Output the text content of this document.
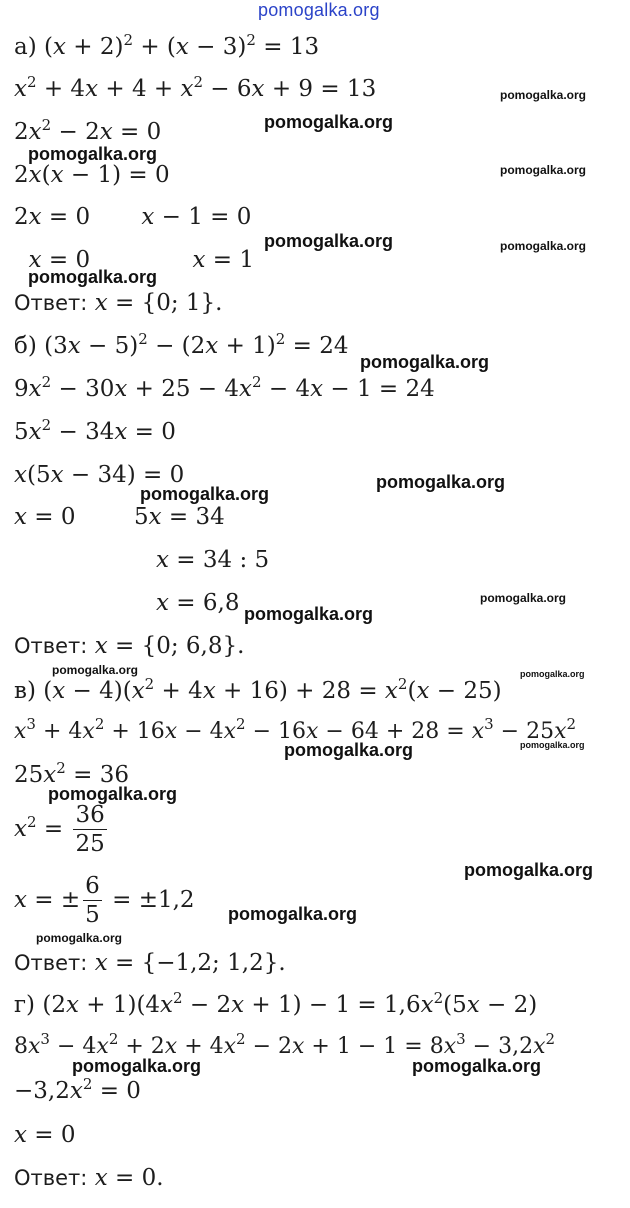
pomogalka.org
а) $(x + 2)^2 + (x - 3)^2 = 13$
$x^2 + 4x + 4 + x^2 - 6x + 9 = 13$
$2x^2 - 2x = 0$
2x(x − 1) = 0
2x = 0       x − 1 = 0
x = 0              x = 1
Ответ: x = {0; 1}.
б) $(3x - 5)^2 - (2x + 1)^2 = 24$
$9x^2 - 30x + 25 - 4x^2 - 4x - 1 = 24$
$5x^2 - 34x = 0$
x(5x − 34) = 0
x = 0        5x = 34
x = 34 : 5
x = 6,8
Ответ: x = {0; 6,8}.
в) $(x - 4)(x^2 + 4x + 16) + 28 = x^2(x - 25)$
$x^3 + 4x^2 + 16x - 4x^2 - 16x - 64 + 28 = x^3 - 25x^2$
$25x^2 = 36$
$x^2 = \frac{36}{25}$
x = ± $\frac{6}{5} = \pm 1,2$
Ответ: x = {−1,2; 1,2}.
г) $(2x + 1)(4x^2 - 2x + 1) - 1 = 1,6x^2(5x - 2)$
$8x^3 - 4x^2 + 2x + 4x^2 - 2x + 1 - 1 = 8x^3 - 3,2x^2$
$-3,2x^2 = 0$
x = 0
Ответ: x = 0.
pomogalka.org
pomogalka.org
pomogalka.org
pomogalka.org
pomogalka.org	pomogalka.org
pomogalka.org
pomogalka.org
pomogalka.org
pomogalka.org
pomogalka.org
pomogalka.org
pomogalka.org	pomogalka.org
pomogalka.org
pomogalka.org
pomogalka.org
pomogalka.org
pomogalka.org
pomogalka.org
pomogalka.org	pomogalka.org
